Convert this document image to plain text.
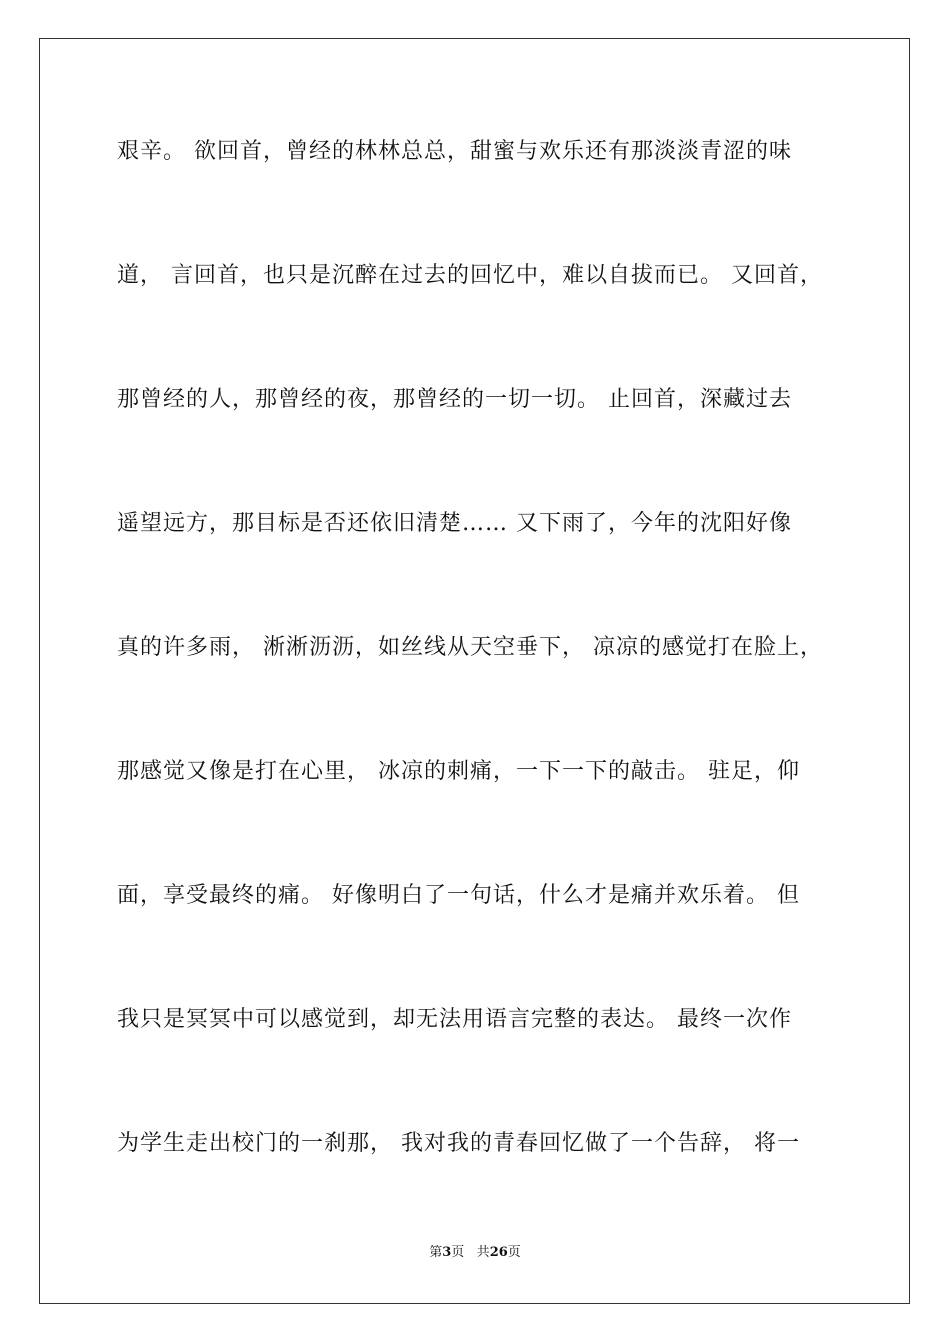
艰辛。 欲回首，曾经的林林总总，甜蜜与欢乐还有那淡淡青涩的味
道， 言回首，也只是沉醉在过去的回忆中，难以自拔而已。 又回首，
那曾经的人，那曾经的夜，那曾经的一切一切。 止回首，深藏过去
遥望远方，那目标是否还依旧清楚…… 又下雨了，今年的沈阳好像
真的许多雨， 淅淅沥沥，如丝线从天空垂下， 凉凉的感觉打在脸上，
那感觉又像是打在心里， 冰凉的刺痛，一下一下的敲击。 驻足，仰
面，享受最终的痛。 好像明白了一句话，什么才是痛并欢乐着。 但
我只是冥冥中可以感觉到，却无法用语言完整的表达。 最终一次作
为学生走出校门的一刹那， 我对我的青春回忆做了一个告辞， 将一
第3页 共26页
